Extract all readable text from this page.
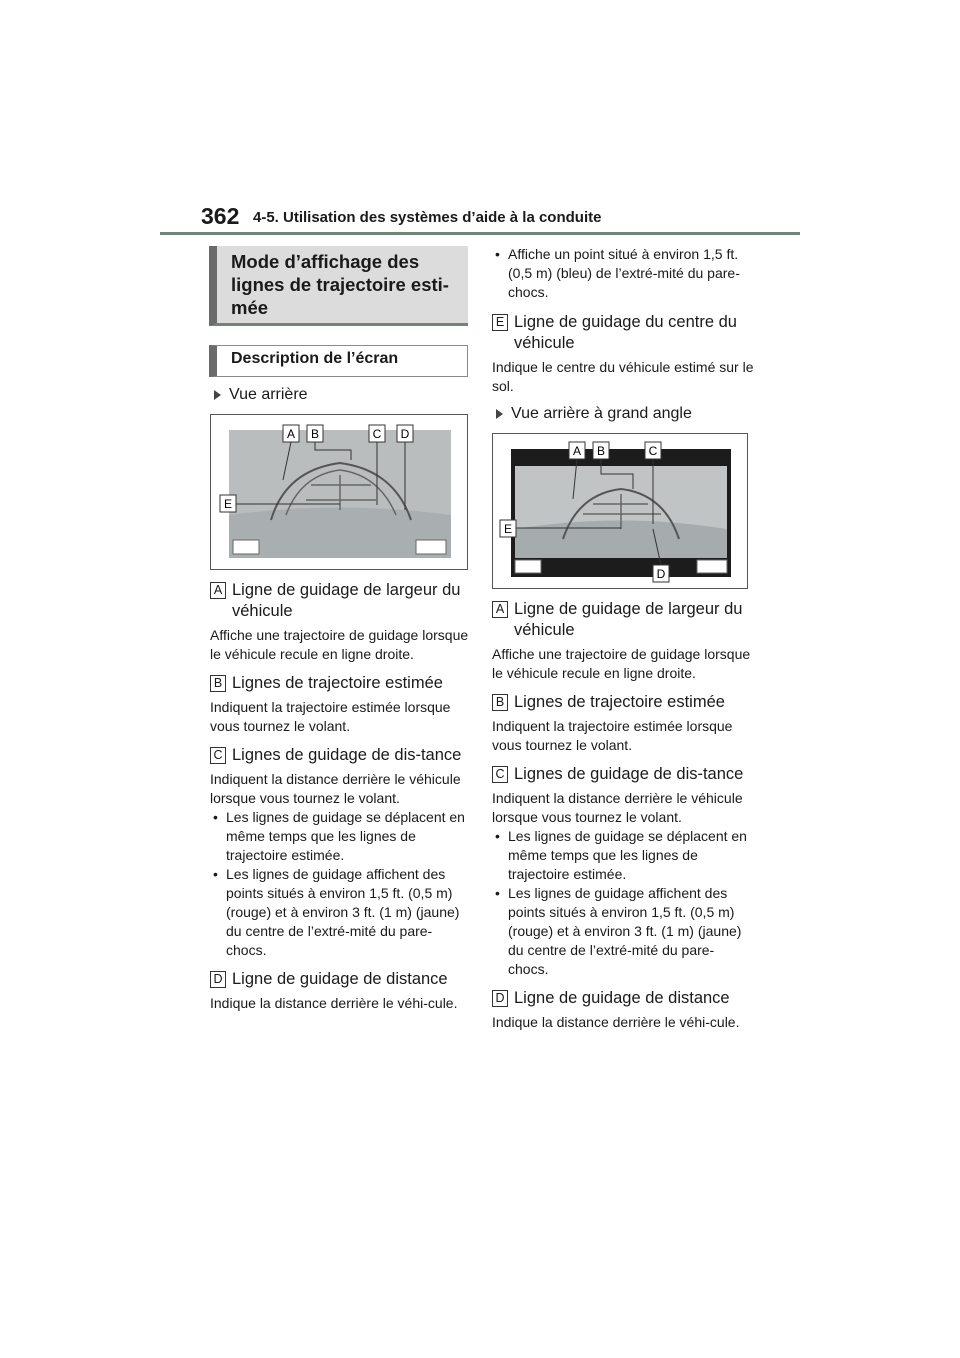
362 4-5. Utilisation des systèmes d’aide à la conduite
Mode d’affichage des lignes de trajectoire esti-mée
Description de l’écran
Vue arrière
A B	C D
E
A Ligne de guidage de largeur du véhicule
Affiche une trajectoire de guidage lorsque le véhicule recule en ligne droite.
B Lignes de trajectoire estimée
Indiquent la trajectoire estimée lorsque vous tournez le volant.
C Lignes de guidage de dis-tance
Indiquent la distance derrière le véhicule lorsque vous tournez le volant.
• Les lignes de guidage se déplacent en même temps que les lignes de trajectoire estimée.
• Les lignes de guidage affichent des points situés à environ 1,5 ft. (0,5 m) (rouge) et à environ 3 ft. (1 m) (jaune) du centre de l’extré-mité du pare-chocs.
D Ligne de guidage de distance
Indique la distance derrière le véhi-cule.
• Affiche un point situé à environ 1,5 ft. (0,5 m) (bleu) de l’extré-mité du pare-chocs.
E Ligne de guidage du centre du véhicule
Indique le centre du véhicule estimé sur le sol.
Vue arrière à grand angle
A B	C
D
E
A Ligne de guidage de largeur du véhicule
Affiche une trajectoire de guidage lorsque le véhicule recule en ligne droite.
B Lignes de trajectoire estimée
Indiquent la trajectoire estimée lorsque vous tournez le volant.
C Lignes de guidage de dis-tance
Indiquent la distance derrière le véhicule lorsque vous tournez le volant.
• Les lignes de guidage se déplacent en même temps que les lignes de trajectoire estimée.
• Les lignes de guidage affichent des points situés à environ 1,5 ft. (0,5 m) (rouge) et à environ 3 ft. (1 m) (jaune) du centre de l’extré-mité du pare-chocs.
D Ligne de guidage de distance
Indique la distance derrière le véhi-cule.
